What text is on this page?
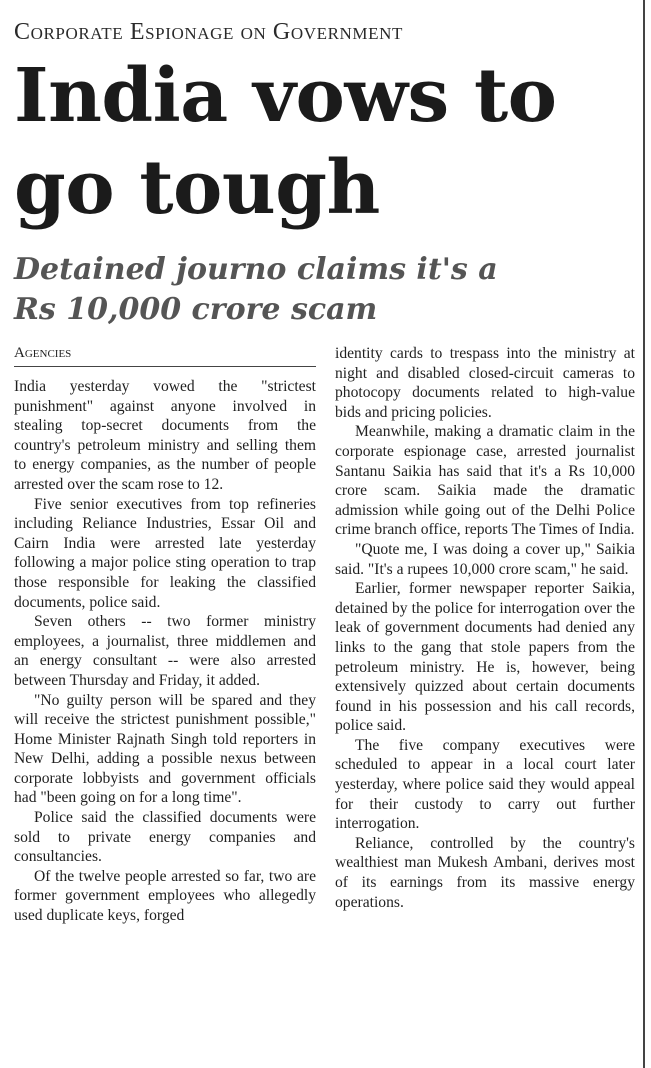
Corporate Espionage on Government
India vows to
go tough
Detained journo claims it's a
Rs 10,000 crore scam
Agencies

India yesterday vowed the "strictest punishment" against anyone involved in stealing top-secret documents from the country's petroleum ministry and selling them to energy companies, as the number of people arrested over the scam rose to 12.

Five senior executives from top refineries including Reliance Industries, Essar Oil and Cairn India were arrested late yesterday following a major police sting operation to trap those responsible for leaking the classified documents, police said.

Seven others -- two former ministry employees, a journalist, three middlemen and an energy consultant -- were also arrested between Thursday and Friday, it added.

"No guilty person will be spared and they will receive the strictest punishment possible," Home Minister Rajnath Singh told reporters in New Delhi, adding a possible nexus between corporate lobbyists and government officials had "been going on for a long time".

Police said the classified documents were sold to private energy companies and consultancies.

Of the twelve people arrested so far, two are former government employees who allegedly used duplicate keys, forged

identity cards to trespass into the ministry at night and disabled closed-circuit cameras to photocopy documents related to high-value bids and pricing policies.

Meanwhile, making a dramatic claim in the corporate espionage case, arrested journalist Santanu Saikia has said that it's a Rs 10,000 crore scam. Saikia made the dramatic admission while going out of the Delhi Police crime branch office, reports The Times of India.

"Quote me, I was doing a cover up," Saikia said. "It's a rupees 10,000 crore scam," he said.

Earlier, former newspaper reporter Saikia, detained by the police for interrogation over the leak of government documents had denied any links to the gang that stole papers from the petroleum ministry. He is, however, being extensively quizzed about certain documents found in his possession and his call records, police said.

The five company executives were scheduled to appear in a local court later yesterday, where police said they would appeal for their custody to carry out further interrogation.

Reliance, controlled by the country's wealthiest man Mukesh Ambani, derives most of its earnings from its massive energy operations.
